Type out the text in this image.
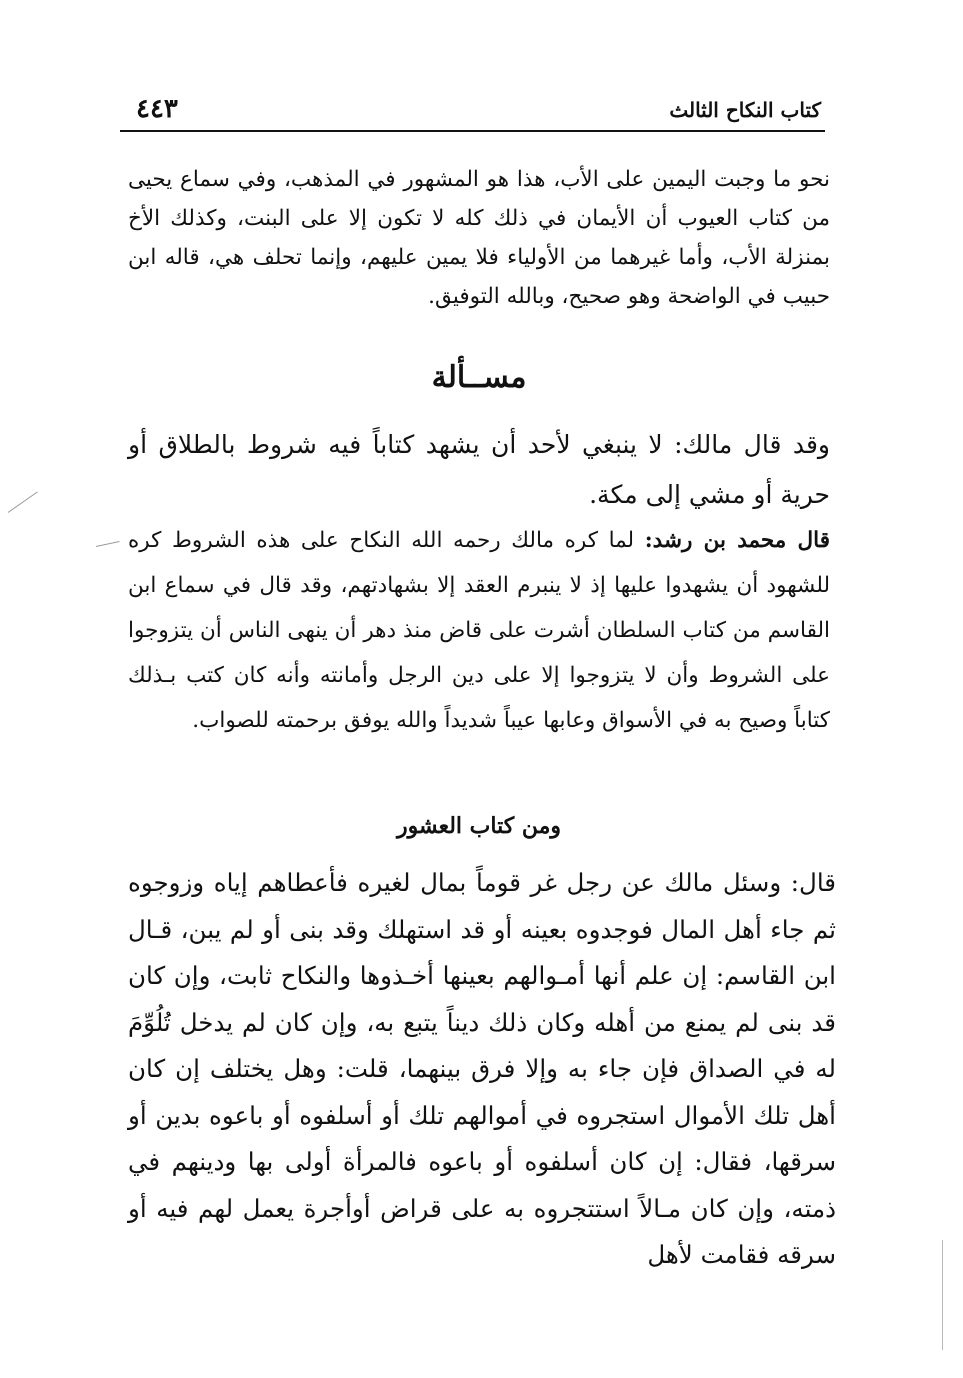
كتاب النكاح الثالث
٤٤٣
نحو ما وجبت اليمين على الأب، هذا هو المشهور في المذهب، وفي سماع يحيى من كتاب العيوب أن الأيمان في ذلك كله لا تكون إلا على البنت، وكذلك الأخ بمنزلة الأب، وأما غيرهما من الأولياء فلا يمين عليهم، وإنما تحلف هي، قاله ابن حبيب في الواضحة وهو صحيح، وبالله التوفيق.
مســألة
وقد قال مالك: لا ينبغي لأحد أن يشهد كتاباً فيه شروط بالطلاق أو حرية أو مشي إلى مكة.
قال محمد بن رشد: لما كره مالك رحمه الله النكاح على هذه الشروط كره للشهود أن يشهدوا عليها إذ لا ينبرم العقد إلا بشهادتهم، وقد قال في سماع ابن القاسم من كتاب السلطان أشرت على قاض منذ دهر أن ينهى الناس أن يتزوجوا على الشروط وأن لا يتزوجوا إلا على دين الرجل وأمانته وأنه كان كتب بـذلك كتاباً وصيح به في الأسواق وعابها عيباً شديداً والله يوفق برحمته للصواب.
ومن كتاب العشور
قال: وسئل مالك عن رجل غر قوماً بمال لغيره فأعطاهم إياه وزوجوه ثم جاء أهل المال فوجدوه بعينه أو قد استهلك وقد بنى أو لم يبن، قـال ابن القاسم: إن علم أنها أمـوالهم بعينها أخـذوها والنكاح ثابت، وإن كان قد بنى لم يمنع من أهله وكان ذلك ديناً يتبع به، وإن كان لم يدخل تُلُوِّمَ له في الصداق فإن جاء به وإلا فرق بينهما، قلت: وهل يختلف إن كان أهل تلك الأموال استجروه في أموالهم تلك أو أسلفوه أو باعوه بدين أو سرقها، فقال: إن كان أسلفوه أو باعوه فالمرأة أولى بها ودينهم في ذمته، وإن كان مـالاً استتجروه به على قراض أوأجرة يعمل لهم فيه أو سرقه فقامت لأهل
